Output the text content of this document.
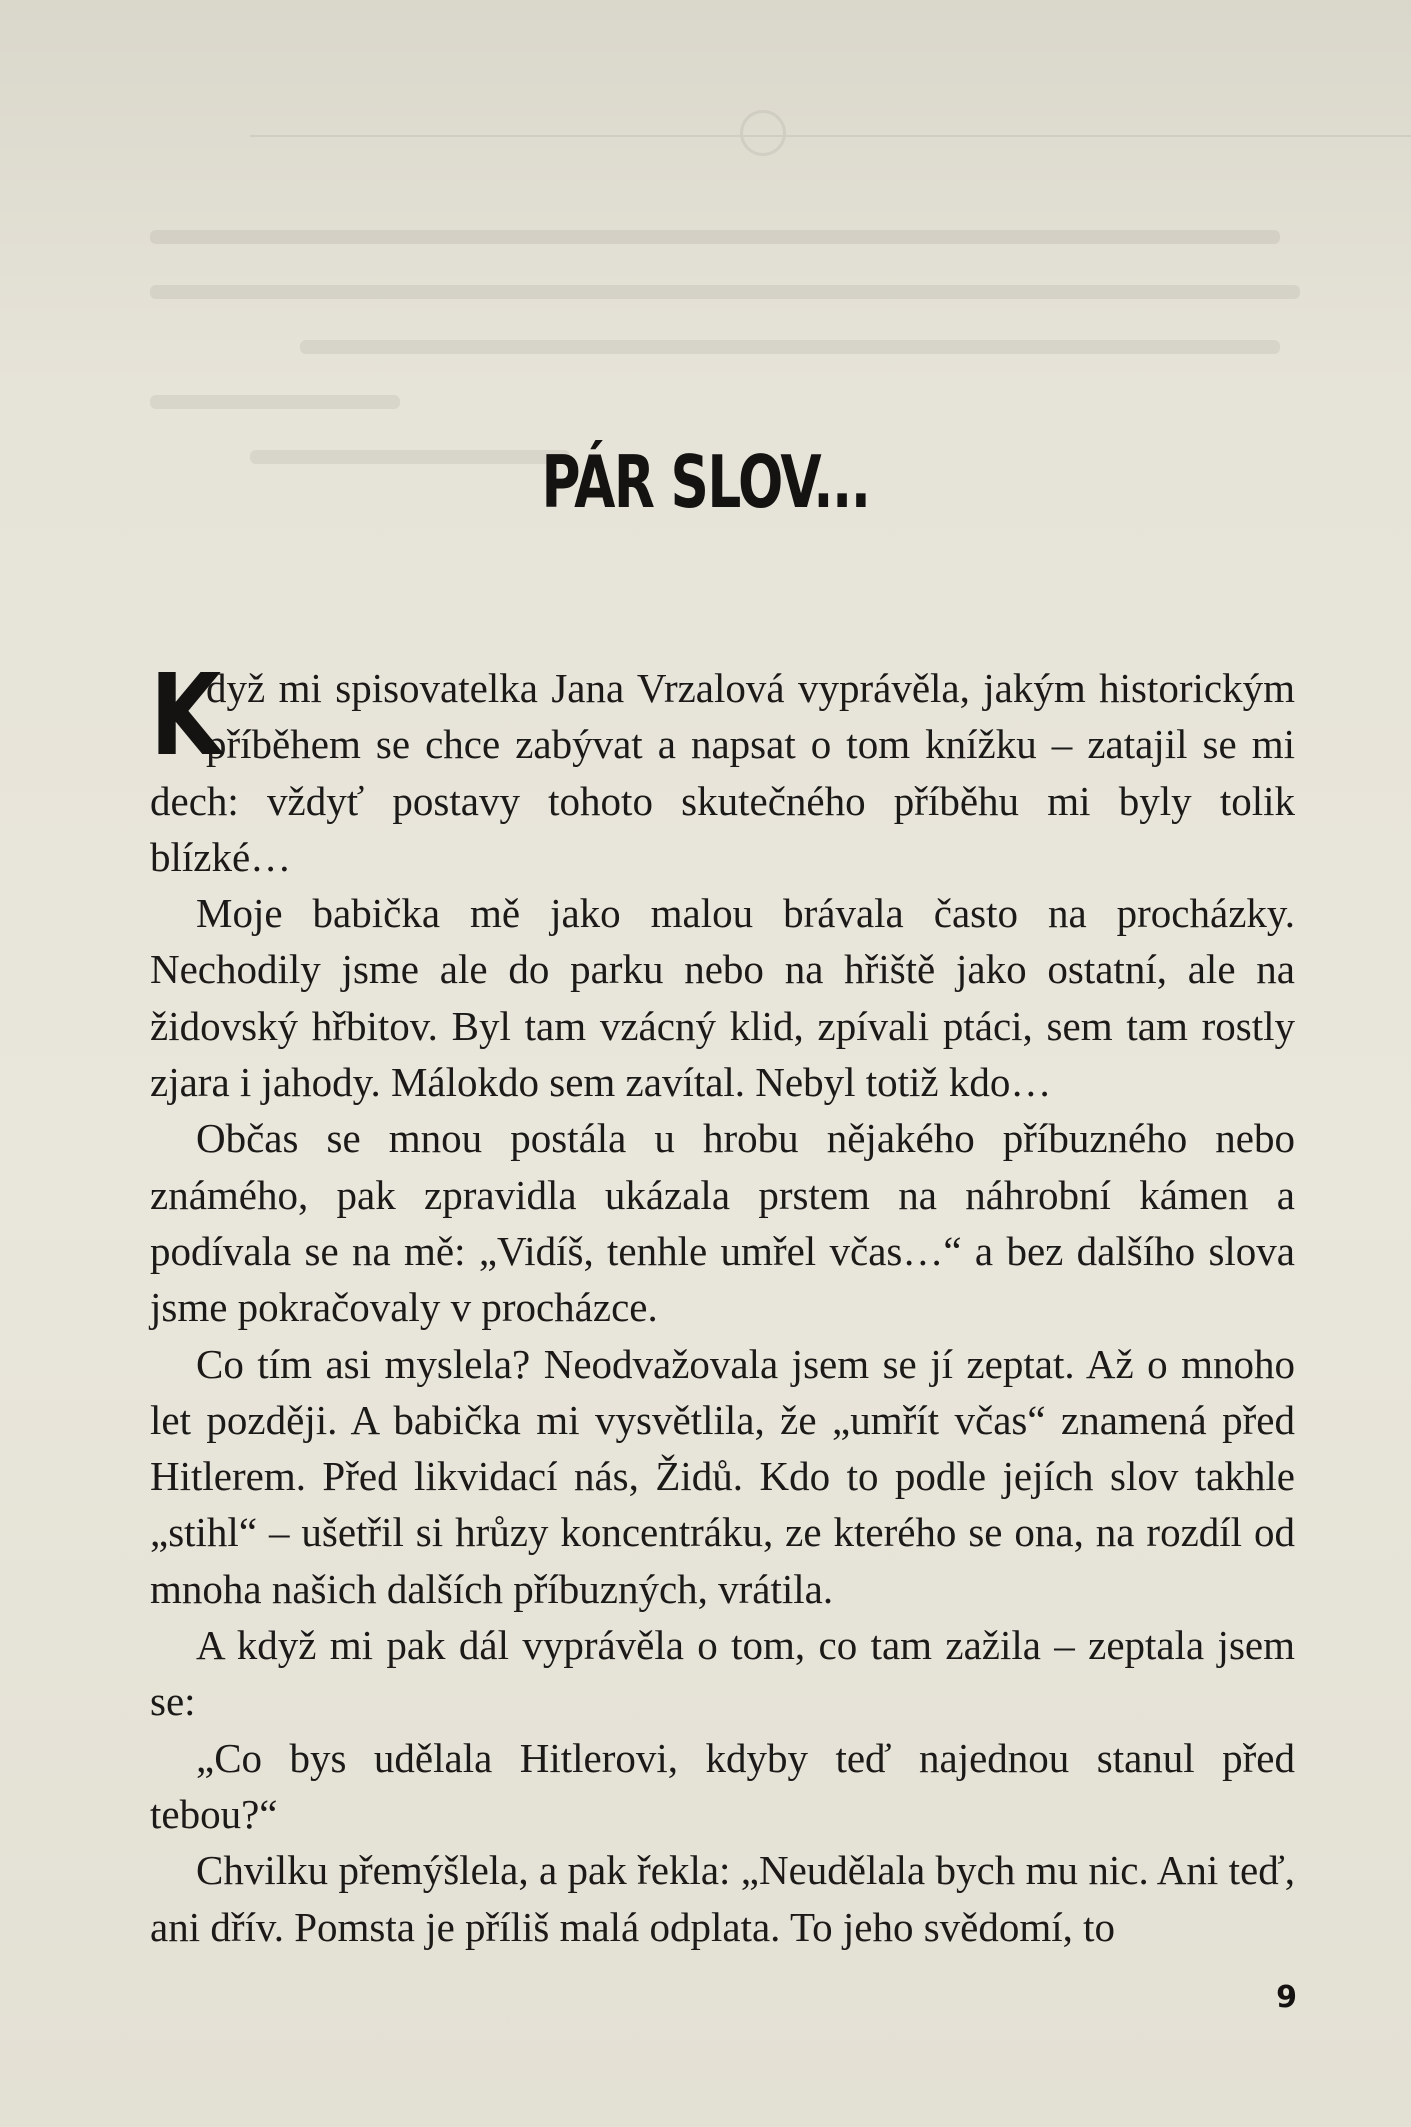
PÁR SLOV...

K
dyž mi spisovatelka Jana Vrzalová vyprávěla, jakým historickým příběhem se chce zabývat a napsat o tom knížku – zatajil se mi dech: vždyť postavy tohoto skutečného příběhu mi byly tolik blízké…

Moje babička mě jako malou brávala často na procházky. Nechodily jsme ale do parku nebo na hřiště jako ostatní, ale na židovský hřbitov. Byl tam vzácný klid, zpívali ptáci, sem tam rostly zjara i jahody. Málokdo sem zavítal. Nebyl totiž kdo…

Občas se mnou postála u hrobu nějakého příbuzného nebo známého, pak zpravidla ukázala prstem na náhrobní kámen a podívala se na mě: „Vidíš, tenhle umřel včas…“ a bez dalšího slova jsme pokračovaly v procházce.

Co tím asi myslela? Neodvažovala jsem se jí zeptat. Až o mnoho let později. A babička mi vysvětlila, že „umřít včas“ znamená před Hitlerem. Před likvidací nás, Židů. Kdo to podle jejích slov takhle „stihl“ – ušetřil si hrůzy koncentráku, ze kterého se ona, na rozdíl od mnoha našich dalších příbuzných, vrátila.

A když mi pak dál vyprávěla o tom, co tam zažila – zeptala jsem se:

„Co bys udělala Hitlerovi, kdyby teď najednou stanul před tebou?“

Chvilku přemýšlela, a pak řekla: „Neudělala bych mu nic. Ani teď, ani dřív. Pomsta je příliš malá odplata. To jeho svědomí, to

9
